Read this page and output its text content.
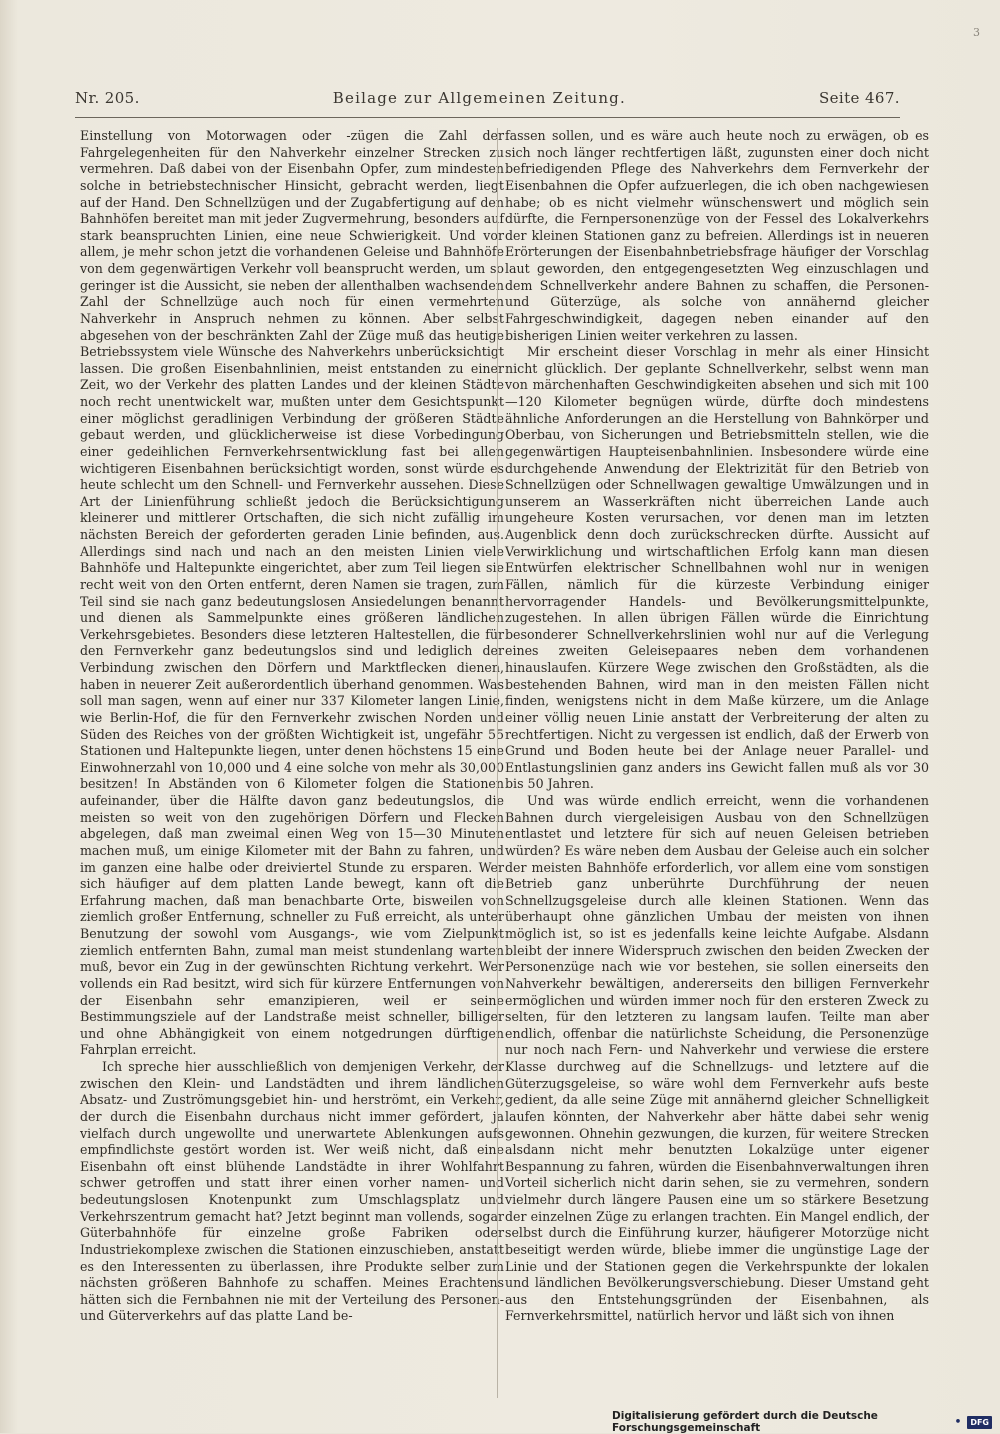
3
Nr. 205.	Beilage zur Allgemeinen Zeitung.	Seite 467.

Einstellung von Motorwagen oder -zügen die Zahl der Fahrgelegenheiten für den Nahverkehr einzelner Strecken zu vermehren. Daß dabei von der Eisenbahn Opfer, zum mindesten solche in betriebstechnischer Hinsicht, gebracht werden, liegt auf der Hand. Den Schnellzügen und der Zugabfertigung auf den Bahnhöfen bereitet man mit jeder Zugvermehrung, besonders auf stark beanspruchten Linien, eine neue Schwierigkeit. Und vor allem, je mehr schon jetzt die vorhandenen Geleise und Bahnhöfe von dem gegenwärtigen Verkehr voll beansprucht werden, um so geringer ist die Aussicht, sie neben der allenthalben wachsenden Zahl der Schnellzüge auch noch für einen vermehrten Nahverkehr in Anspruch nehmen zu können. Aber selbst abgesehen von der beschränkten Zahl der Züge muß das heutige Betriebssystem viele Wünsche des Nahverkehrs unberücksichtigt lassen. Die großen Eisenbahnlinien, meist entstanden zu einer Zeit, wo der Verkehr des platten Landes und der kleinen Städte noch recht unentwickelt war, mußten unter dem Gesichtspunkt einer möglichst geradlinigen Verbindung der größeren Städte gebaut werden, und glücklicherweise ist diese Vorbedingung einer gedeihlichen Fernverkehrsentwicklung fast bei allen wichtigeren Eisenbahnen berücksichtigt worden, sonst würde es heute schlecht um den Schnell- und Fernverkehr aussehen. Diese Art der Linienführung schließt jedoch die Berücksichtigung kleinerer und mittlerer Ortschaften, die sich nicht zufällig im nächsten Bereich der geforderten geraden Linie befinden, aus. Allerdings sind nach und nach an den meisten Linien viele Bahnhöfe und Haltepunkte eingerichtet, aber zum Teil liegen sie recht weit von den Orten entfernt, deren Namen sie tragen, zum Teil sind sie nach ganz bedeutungslosen Ansiedelungen benannt und dienen als Sammelpunkte eines größeren ländlichen Verkehrsgebietes. Besonders diese letzteren Haltestellen, die für den Fernverkehr ganz bedeutungslos sind und lediglich der Verbindung zwischen den Dörfern und Marktflecken dienen, haben in neuerer Zeit außerordentlich überhand genommen. Was soll man sagen, wenn auf einer nur 337 Kilometer langen Linie, wie Berlin-Hof, die für den Fernverkehr zwischen Norden und Süden des Reiches von der größten Wichtigkeit ist, ungefähr 55 Stationen und Haltepunkte liegen, unter denen höchstens 15 eine Einwohnerzahl von 10,000 und 4 eine solche von mehr als 30,000 besitzen! In Abständen von 6 Kilometer folgen die Stationen aufeinander, über die Hälfte davon ganz bedeutungslos, die meisten so weit von den zugehörigen Dörfern und Flecken abgelegen, daß man zweimal einen Weg von 15—30 Minuten machen muß, um einige Kilometer mit der Bahn zu fahren, und im ganzen eine halbe oder dreiviertel Stunde zu ersparen. Wer sich häufiger auf dem platten Lande bewegt, kann oft die Erfahrung machen, daß man benachbarte Orte, bisweilen von ziemlich großer Entfernung, schneller zu Fuß erreicht, als unter Benutzung der sowohl vom Ausgangs-, wie vom Zielpunkt ziemlich entfernten Bahn, zumal man meist stundenlang warten muß, bevor ein Zug in der gewünschten Richtung verkehrt. Wer vollends ein Rad besitzt, wird sich für kürzere Entfernungen von der Eisenbahn sehr emanzipieren, weil er seine Bestimmungsziele auf der Landstraße meist schneller, billiger und ohne Abhängigkeit von einem notgedrungen dürftigen Fahrplan erreicht.

Ich spreche hier ausschließlich von demjenigen Verkehr, der zwischen den Klein- und Landstädten und ihrem ländlichen Absatz- und Zuströmungsgebiet hin- und herströmt, ein Verkehr, der durch die Eisenbahn durchaus nicht immer gefördert, ja vielfach durch ungewollte und unerwartete Ablenkungen aufs empfindlichste gestört worden ist. Wer weiß nicht, daß eine Eisenbahn oft einst blühende Landstädte in ihrer Wohlfahrt schwer getroffen und statt ihrer einen vorher namen- und bedeutungslosen Knotenpunkt zum Umschlagsplatz und Verkehrszentrum gemacht hat? Jetzt beginnt man vollends, sogar Güterbahnhöfe für einzelne große Fabriken oder Industriekomplexe zwischen die Stationen einzuschieben, anstatt es den Interessenten zu überlassen, ihre Produkte selber zum nächsten größeren Bahnhofe zu schaffen. Meines Erachtens hätten sich die Fernbahnen nie mit der Verteilung des Personen- und Güterverkehrs auf das platte Land be-

fassen sollen, und es wäre auch heute noch zu erwägen, ob es sich noch länger rechtfertigen läßt, zugunsten einer doch nicht befriedigenden Pflege des Nahverkehrs dem Fernverkehr der Eisenbahnen die Opfer aufzuerlegen, die ich oben nachgewiesen habe; ob es nicht vielmehr wünschenswert und möglich sein dürfte, die Fernpersonenzüge von der Fessel des Lokalverkehrs der kleinen Stationen ganz zu befreien. Allerdings ist in neueren Erörterungen der Eisenbahnbetriebsfrage häufiger der Vorschlag laut geworden, den entgegengesetzten Weg einzuschlagen und dem Schnellverkehr andere Bahnen zu schaffen, die Personen- und Güterzüge, als solche von annähernd gleicher Fahrgeschwindigkeit, dagegen neben einander auf den bisherigen Linien weiter verkehren zu lassen.

Mir erscheint dieser Vorschlag in mehr als einer Hinsicht nicht glücklich. Der geplante Schnellverkehr, selbst wenn man von märchenhaften Geschwindigkeiten absehen und sich mit 100—120 Kilometer begnügen würde, dürfte doch mindestens ähnliche Anforderungen an die Herstellung von Bahnkörper und Oberbau, von Sicherungen und Betriebsmitteln stellen, wie die gegenwärtigen Haupteisenbahnlinien. Insbesondere würde eine durchgehende Anwendung der Elektrizität für den Betrieb von Schnellzügen oder Schnellwagen gewaltige Umwälzungen und in unserem an Wasserkräften nicht überreichen Lande auch ungeheure Kosten verursachen, vor denen man im letzten Augenblick denn doch zurückschrecken dürfte. Aussicht auf Verwirklichung und wirtschaftlichen Erfolg kann man diesen Entwürfen elektrischer Schnellbahnen wohl nur in wenigen Fällen, nämlich für die kürzeste Verbindung einiger hervorragender Handels- und Bevölkerungsmittelpunkte, zugestehen. In allen übrigen Fällen würde die Einrichtung besonderer Schnellverkehrslinien wohl nur auf die Verlegung eines zweiten Geleisepaares neben dem vorhandenen hinauslaufen. Kürzere Wege zwischen den Großstädten, als die bestehenden Bahnen, wird man in den meisten Fällen nicht finden, wenigstens nicht in dem Maße kürzere, um die Anlage einer völlig neuen Linie anstatt der Verbreiterung der alten zu rechtfertigen. Nicht zu vergessen ist endlich, daß der Erwerb von Grund und Boden heute bei der Anlage neuer Parallel- und Entlastungslinien ganz anders ins Gewicht fallen muß als vor 30 bis 50 Jahren.

Und was würde endlich erreicht, wenn die vorhandenen Bahnen durch viergeleisigen Ausbau von den Schnellzügen entlastet und letztere für sich auf neuen Geleisen betrieben würden? Es wäre neben dem Ausbau der Geleise auch ein solcher der meisten Bahnhöfe erforderlich, vor allem eine vom sonstigen Betrieb ganz unberührte Durchführung der neuen Schnellzugsgeleise durch alle kleinen Stationen. Wenn das überhaupt ohne gänzlichen Umbau der meisten von ihnen möglich ist, so ist es jedenfalls keine leichte Aufgabe. Alsdann bleibt der innere Widerspruch zwischen den beiden Zwecken der Personenzüge nach wie vor bestehen, sie sollen einerseits den Nahverkehr bewältigen, andererseits den billigen Fernverkehr ermöglichen und würden immer noch für den ersteren Zweck zu selten, für den letzteren zu langsam laufen. Teilte man aber endlich, offenbar die natürlichste Scheidung, die Personenzüge nur noch nach Fern- und Nahverkehr und verwiese die erstere Klasse durchweg auf die Schnellzugs- und letztere auf die Güterzugsgeleise, so wäre wohl dem Fernverkehr aufs beste gedient, da alle seine Züge mit annähernd gleicher Schnelligkeit laufen könnten, der Nahverkehr aber hätte dabei sehr wenig gewonnen. Ohnehin gezwungen, die kurzen, für weitere Strecken alsdann nicht mehr benutzten Lokalzüge unter eigener Bespannung zu fahren, würden die Eisenbahnverwaltungen ihren Vorteil sicherlich nicht darin sehen, sie zu vermehren, sondern vielmehr durch längere Pausen eine um so stärkere Besetzung der einzelnen Züge zu erlangen trachten. Ein Mangel endlich, der selbst durch die Einführung kurzer, häufigerer Motorzüge nicht beseitigt werden würde, bliebe immer die ungünstige Lage der Linie und der Stationen gegen die Verkehrspunkte der lokalen und ländlichen Bevölkerungsverschiebung. Dieser Umstand geht aus den Entstehungsgründen der Eisenbahnen, als Fernverkehrsmittel, natürlich hervor und läßt sich von ihnen

Digitalisierung gefördert durch die Deutsche Forschungsgemeinschaft	•	DFG
